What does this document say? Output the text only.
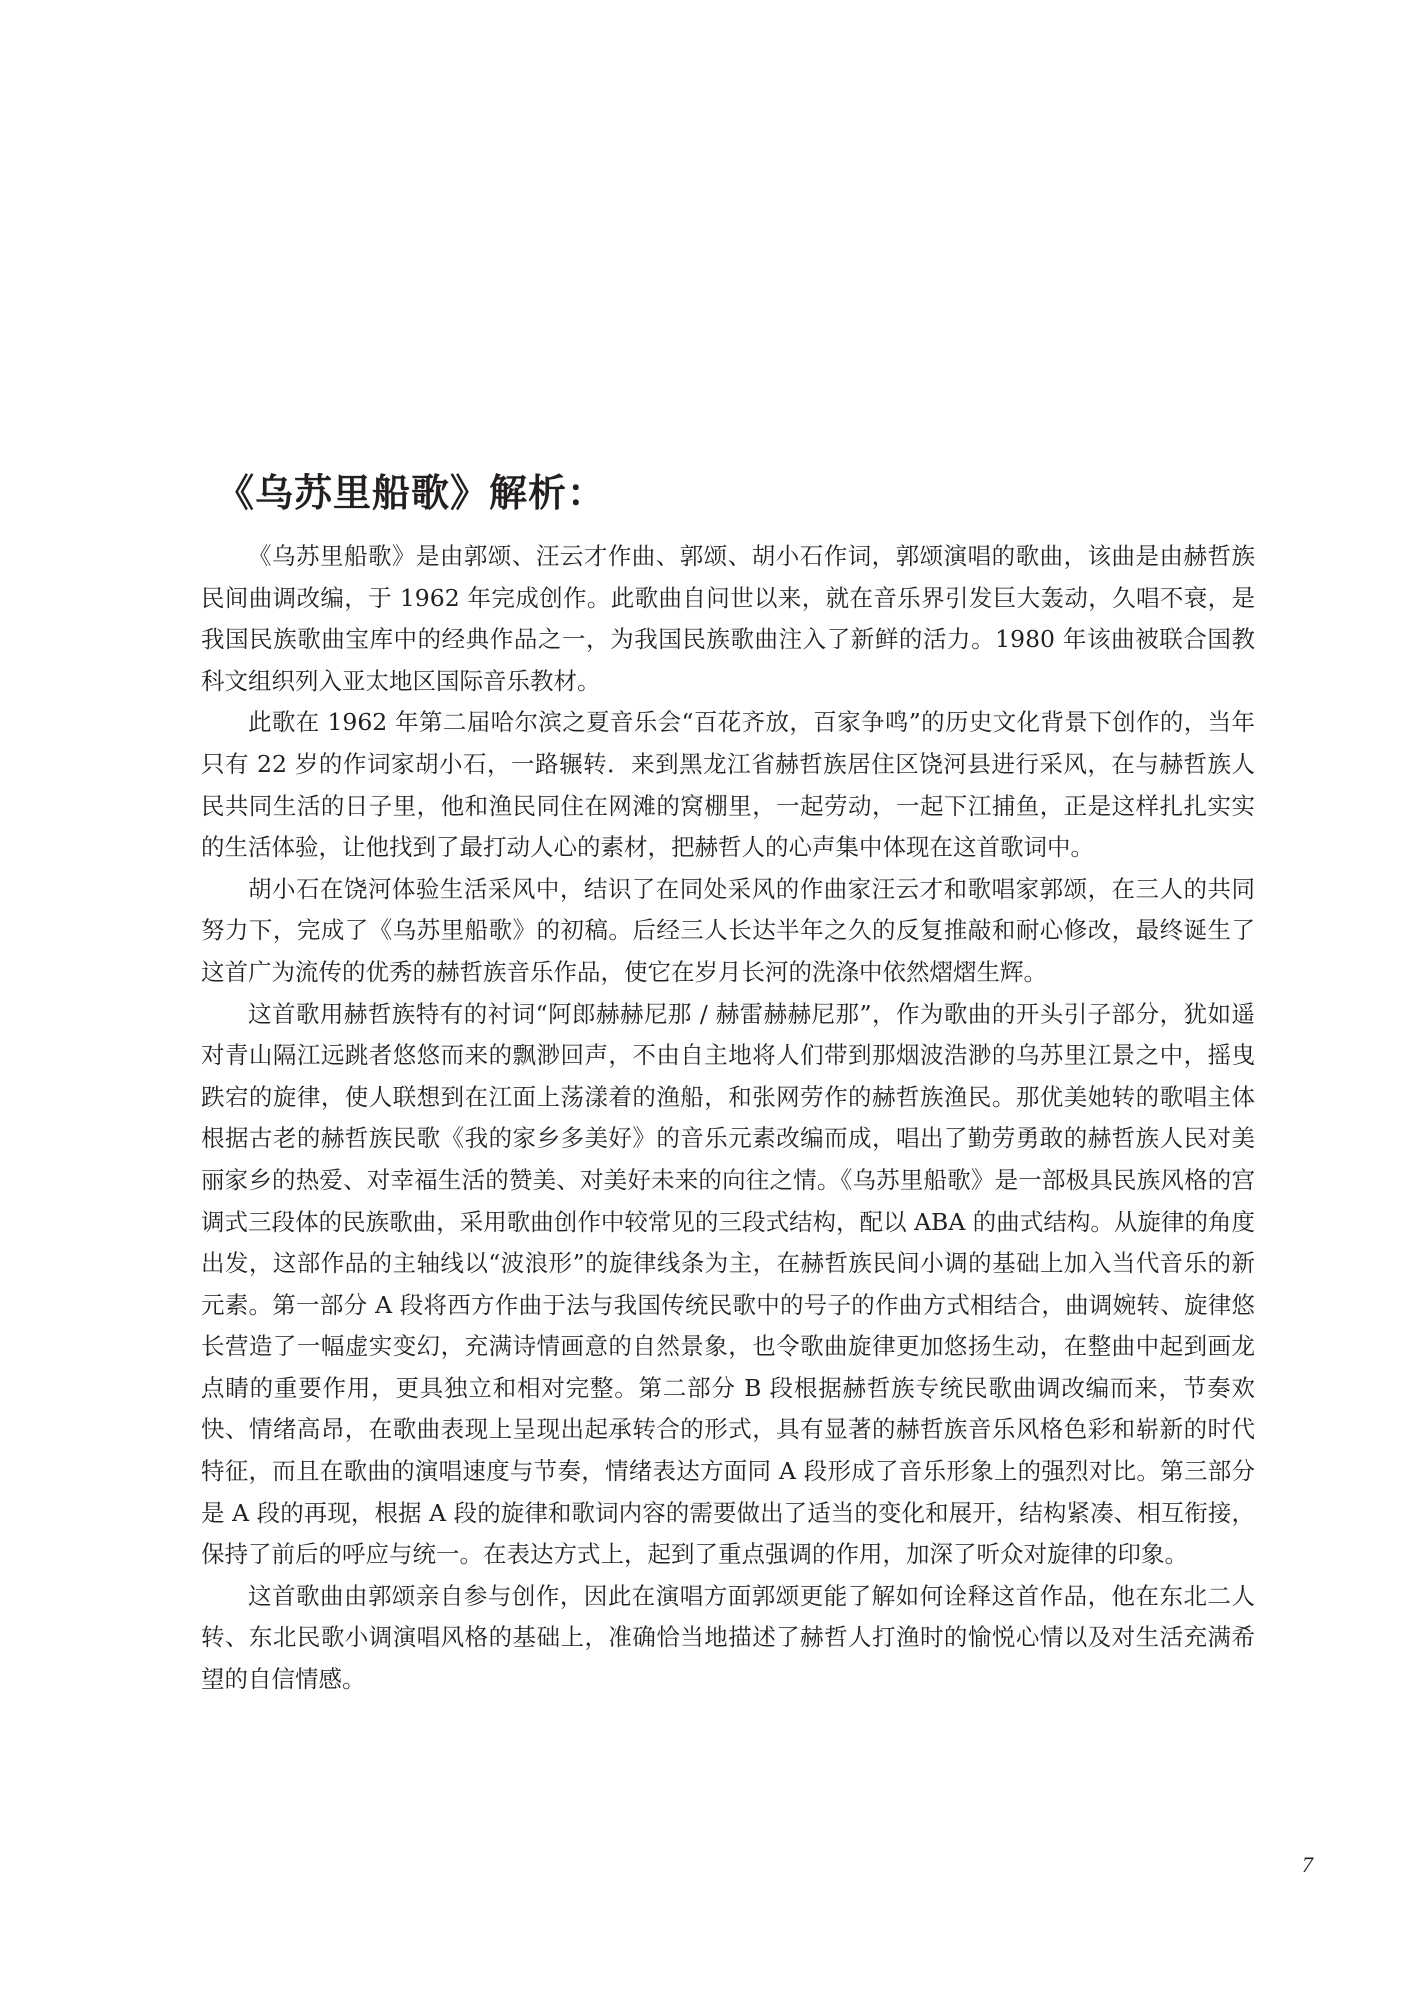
《乌苏里船歌》解析：

《乌苏里船歌》是由郭颂、汪云才作曲、郭颂、胡小石作词，郭颂演唱的歌曲，该曲是由赫哲族民间曲调改编，于 1962 年完成创作。此歌曲自问世以来，就在音乐界引发巨大轰动，久唱不衰，是我国民族歌曲宝库中的经典作品之一，为我国民族歌曲注入了新鲜的活力。1980 年该曲被联合国教科文组织列入亚太地区国际音乐教材。

此歌在 1962 年第二届哈尔滨之夏音乐会“百花齐放，百家争鸣”的历史文化背景下创作的，当年只有 22 岁的作词家胡小石，一路辗转．来到黑龙江省赫哲族居住区饶河县进行采风，在与赫哲族人民共同生活的日子里，他和渔民同住在网滩的窝棚里，一起劳动，一起下江捕鱼，正是这样扎扎实实的生活体验，让他找到了最打动人心的素材，把赫哲人的心声集中体现在这首歌词中。

胡小石在饶河体验生活采风中，结识了在同处采风的作曲家汪云才和歌唱家郭颂，在三人的共同努力下，完成了《乌苏里船歌》的初稿。后经三人长达半年之久的反复推敲和耐心修改，最终诞生了这首广为流传的优秀的赫哲族音乐作品，使它在岁月长河的洗涤中依然熠熠生辉。

这首歌用赫哲族特有的衬词“阿郎赫赫尼那 / 赫雷赫赫尼那”，作为歌曲的开头引子部分，犹如遥对青山隔江远跳者悠悠而来的飘渺回声，不由自主地将人们带到那烟波浩渺的乌苏里江景之中，摇曳跌宕的旋律，使人联想到在江面上荡漾着的渔船，和张网劳作的赫哲族渔民。那优美她转的歌唱主体根据古老的赫哲族民歌《我的家乡多美好》的音乐元素改编而成，唱出了勤劳勇敢的赫哲族人民对美丽家乡的热爱、对幸福生活的赞美、对美好未来的向往之情。《乌苏里船歌》是一部极具民族风格的宫调式三段体的民族歌曲，采用歌曲创作中较常见的三段式结构，配以 ABA 的曲式结构。从旋律的角度出发，这部作品的主轴线以“波浪形”的旋律线条为主，在赫哲族民间小调的基础上加入当代音乐的新元素。第一部分 A 段将西方作曲于法与我国传统民歌中的号子的作曲方式相结合，曲调婉转、旋律悠长营造了一幅虚实变幻，充满诗情画意的自然景象，也令歌曲旋律更加悠扬生动，在整曲中起到画龙点睛的重要作用，更具独立和相对完整。第二部分 B 段根据赫哲族专统民歌曲调改编而来，节奏欢快、情绪高昂，在歌曲表现上呈现出起承转合的形式，具有显著的赫哲族音乐风格色彩和崭新的时代特征，而且在歌曲的演唱速度与节奏，情绪表达方面同 A 段形成了音乐形象上的强烈对比。第三部分是 A 段的再现，根据 A 段的旋律和歌词内容的需要做出了适当的变化和展开，结构紧凑、相互衔接，保持了前后的呼应与统一。在表达方式上，起到了重点强调的作用，加深了听众对旋律的印象。

这首歌曲由郭颂亲自参与创作，因此在演唱方面郭颂更能了解如何诠释这首作品，他在东北二人转、东北民歌小调演唱风格的基础上，准确恰当地描述了赫哲人打渔时的愉悦心情以及对生活充满希望的自信情感。

7
